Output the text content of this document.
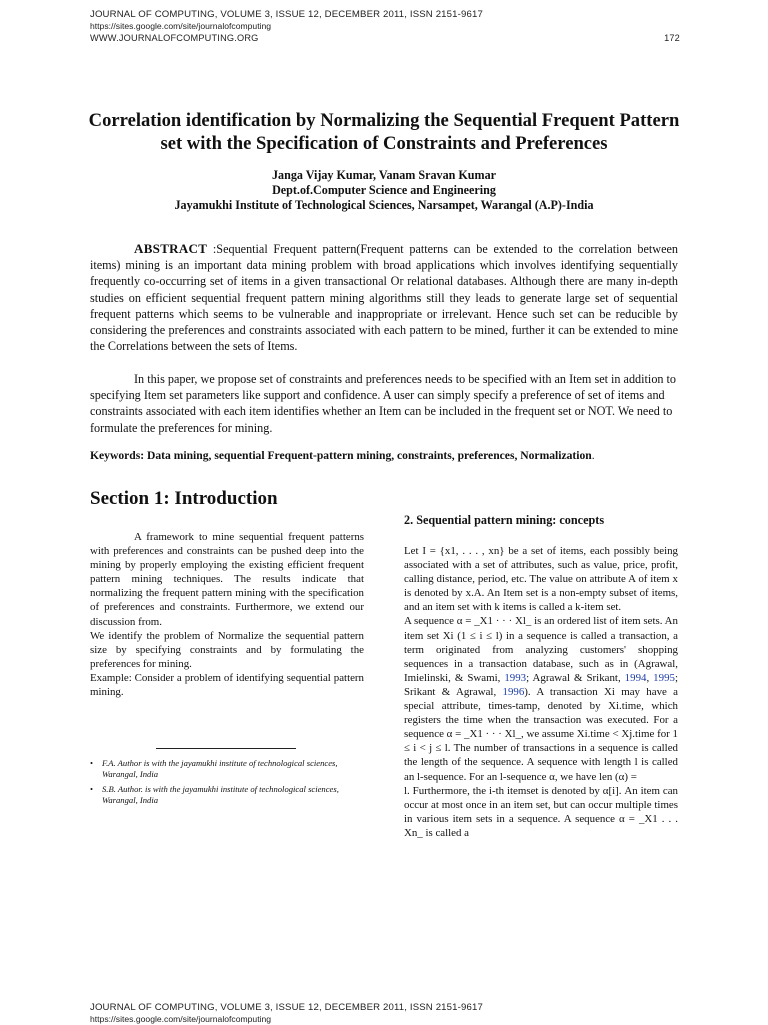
JOURNAL OF COMPUTING, VOLUME 3, ISSUE 12, DECEMBER 2011, ISSN 2151-9617
https://sites.google.com/site/journalofcomputing
WWW.JOURNALOFCOMPUTING.ORG	172
Correlation identification by Normalizing the Sequential Frequent Pattern set with the Specification of Constraints and Preferences
Janga Vijay Kumar, Vanam Sravan Kumar
Dept.of.Computer Science and Engineering
Jayamukhi Institute of Technological Sciences, Narsampet, Warangal (A.P)-India
ABSTRACT :Sequential Frequent pattern(Frequent patterns can be extended to the correlation between items) mining is an important data mining problem with broad applications which involves identifying sequentially frequently co-occurring set of items in a given transactional Or relational databases. Although there are many in-depth studies on efficient sequential frequent pattern mining algorithms still they leads to generate large set of sequential frequent patterns which seems to be vulnerable and inappropriate or irrelevant. Hence such set can be reducible by considering the preferences and constraints associated with each pattern to be mined, further it can be extended to mine the Correlations between the sets of Items.
In this paper, we propose set of constraints and preferences needs to be specified with an Item set in addition to specifying Item set parameters like support and confidence. A user can simply specify a preference of set of items and constraints associated with each item identifies whether an Item can be included in the frequent set or NOT. We need to formulate the preferences for mining.
Keywords: Data mining, sequential Frequent-pattern mining, constraints, preferences, Normalization.
Section 1: Introduction

A framework to mine sequential frequent patterns with preferences and constraints can be pushed deep into the mining by properly employing the existing efficient frequent pattern mining techniques. The results indicate that normalizing the frequent pattern mining with the specification of preferences and constraints. Furthermore, we extend our discussion from.

We identify the problem of Normalize the sequential pattern size by specifying constraints and by formulating the preferences for mining.

Example: Consider a problem of identifying sequential pattern mining.

• F.A. Author is with the jayamukhi institute of technological sciences, Warangal, India
• S.B. Author. is with the jayamukhi institute of technological sciences, Warangal, India
2. Sequential pattern mining: concepts

Let I = {x1, . . . , xn} be a set of items, each possibly being associated with a set of attributes, such as value, price, profit, calling distance, period, etc. The value on attribute A of item x is denoted by x.A. An Item set is a non-empty subset of items, and an item set with k items is called a k-item set.

A sequence α = _X1 · · · Xl_ is an ordered list of item sets. An item set Xi (1 ≤ i ≤ l) in a sequence is called a transaction, a term originated from analyzing customers' shopping sequences in a transaction database, such as in (Agrawal, Imielinski, & Swami, 1993; Agrawal & Srikant, 1994, 1995; Srikant & Agrawal, 1996). A transaction Xi may have a special attribute, times-tamp, denoted by Xi.time, which registers the time when the transaction was executed. For a sequence α = _X1 · · · Xl_, we assume Xi.time < Xj.time for 1 ≤ i < j ≤ l. The number of transactions in a sequence is called the length of the sequence. A sequence with length l is called an l-sequence. For an l-sequence α, we have len (α) =

l. Furthermore, the i-th itemset is denoted by α[i]. An item can occur at most once in an item set, but can occur multiple times in various item sets in a sequence. A sequence α = _X1 . . . Xn_ is called a

JOURNAL OF COMPUTING, VOLUME 3, ISSUE 12, DECEMBER 2011, ISSN 2151-9617
https://sites.google.com/site/journalofcomputing
